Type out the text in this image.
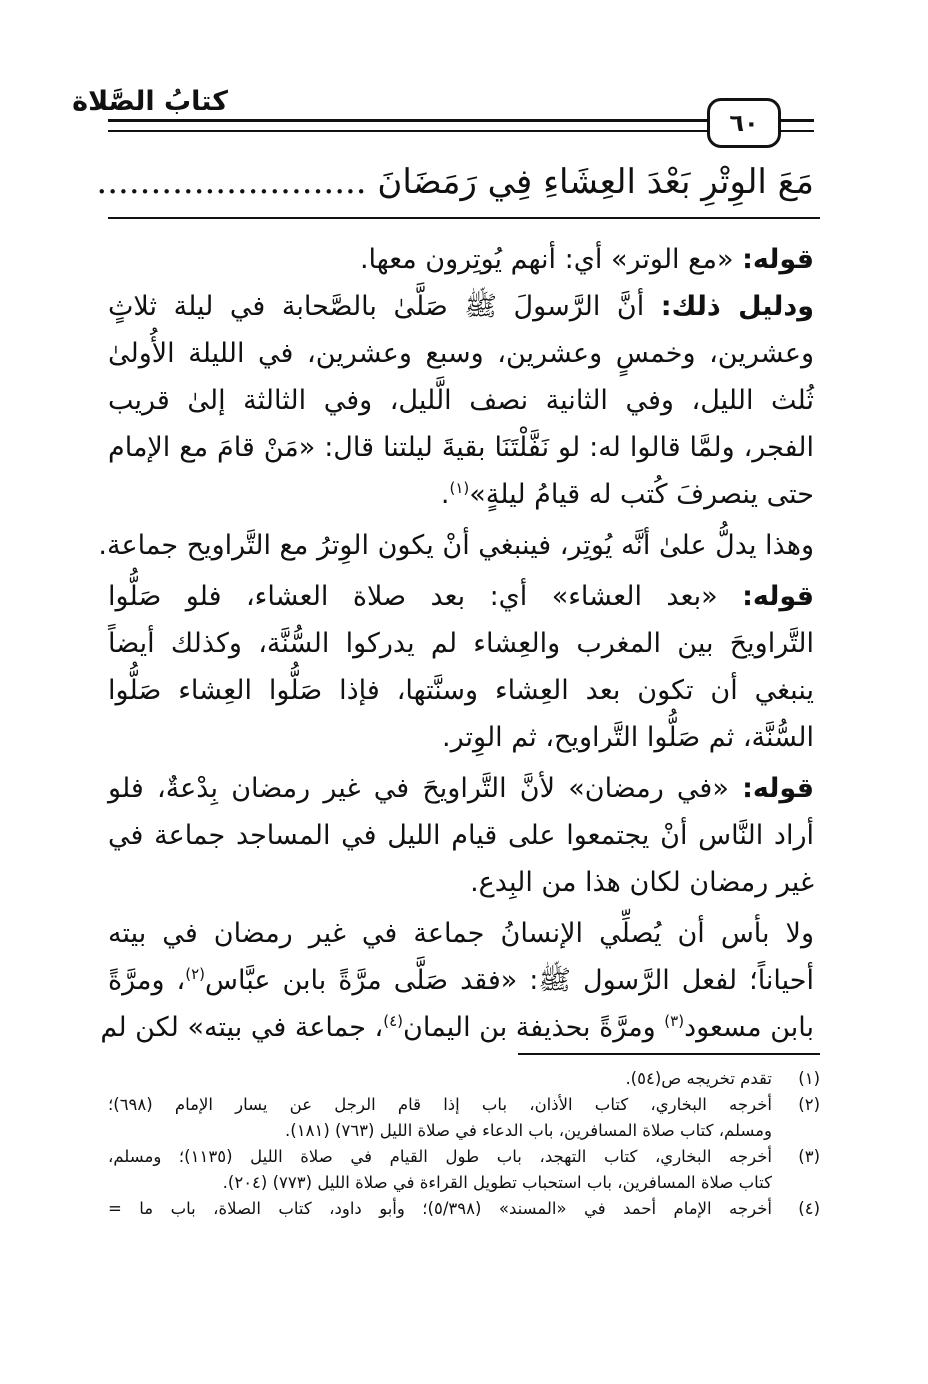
كتابُ الصَّلاة
٦٠
مَعَ الوِتْرِ بَعْدَ العِشَاءِ فِي رَمَضَانَ .........................
قوله: «مع الوتر» أي: أنهم يُوتِرون معها.
ودليل ذلك: أنَّ الرَّسولَ ﷺ صَلَّىٰ بالصَّحابة في ليلة ثلاثٍ
وعشرين، وخمسٍ وعشرين، وسبع وعشرين، في الليلة الأُولىٰ
ثُلث الليل، وفي الثانية نصف الَّليل، وفي الثالثة إلىٰ قريب
الفجر، ولمَّا قالوا له: لو نَفَّلْتَنَا بقيةَ ليلتنا قال: «مَنْ قامَ مع الإمام
حتى ينصرفَ كُتب له قيامُ ليلةٍ»$^{(١)}$.
وهذا يدلُّ علىٰ أنَّه يُوتِر، فينبغي أنْ يكون الوِترُ مع التَّراويح جماعة.
قوله: «بعد العشاء» أي: بعد صلاة العشاء، فلو صَلُّوا
التَّراويحَ بين المغرب والعِشاء لم يدركوا السُّنَّة، وكذلك أيضاً
ينبغي أن تكون بعد العِشاء وسنَّتها، فإذا صَلُّوا العِشاء صَلُّوا
السُّنَّة، ثم صَلُّوا التَّراويح، ثم الوِتر.
قوله: «في رمضان» لأنَّ التَّراويحَ في غير رمضان بِدْعةٌ، فلو
أراد النَّاس أنْ يجتمعوا على قيام الليل في المساجد جماعة في
غير رمضان لكان هذا من البِدع.
ولا بأس أن يُصلِّي الإنسانُ جماعة في غير رمضان في بيته
أحياناً؛ لفعل الرَّسول ﷺ: «فقد صَلَّى مرَّةً بابن عبَّاس$^{(٢)}$، ومرَّةً
بابن مسعود$^{(٣)}$ ومرَّةً بحذيفة بن اليمان$^{(٤)}$، جماعة في بيته» لكن لم
(١)
تقدم تخريجه ص(٥٤).
(٢)
أخرجه البخاري، كتاب الأذان، باب إذا قام الرجل عن يسار الإمام (٦٩٨)؛
ومسلم، كتاب صلاة المسافرين، باب الدعاء في صلاة الليل (٧٦٣) (١٨١).
(٣)
أخرجه البخاري، كتاب التهجد، باب طول القيام في صلاة الليل (١١٣٥)؛ ومسلم،
كتاب صلاة المسافرين، باب استحباب تطويل القراءة في صلاة الليل (٧٧٣) (٢٠٤).
(٤)
أخرجه الإمام أحمد في «المسند» (٥/٣٩٨)؛ وأبو داود، كتاب الصلاة، باب ما =
